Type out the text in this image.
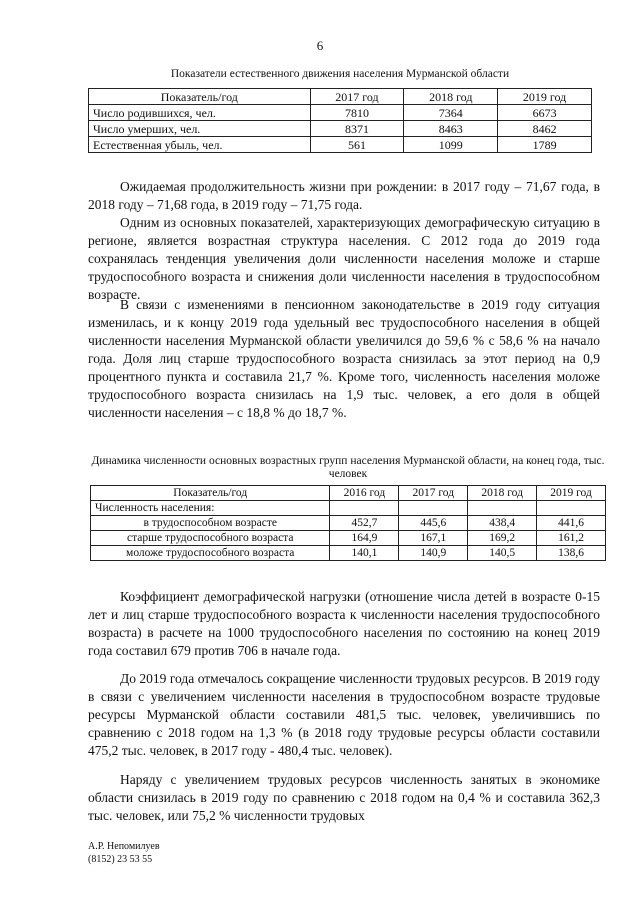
6
Показатели естественного движения населения Мурманской области
Показатель/год	2017 год	2018 год	2019 год
Число родившихся, чел.	7810	7364	6673
Число умерших, чел.	8371	8463	8462
Естественная убыль, чел.	561	1099	1789

Ожидаемая продолжительность жизни при рождении: в 2017 году – 71,67 года, в 2018 году – 71,68 года, в 2019 году – 71,75 года.

Одним из основных показателей, характеризующих демографическую ситуацию в регионе, является возрастная структура населения. С 2012 года до 2019 года сохранялась тенденция увеличения доли численности населения моложе и старше трудоспособного возраста и снижения доли численности населения в трудоспособном возрасте.

В связи с изменениями в пенсионном законодательстве в 2019 году ситуация изменилась, и к концу 2019 года удельный вес трудоспособного населения в общей численности населения Мурманской области увеличился до 59,6 % с 58,6 % на начало года. Доля лиц старше трудоспособного возраста снизилась за этот период на 0,9 процентного пункта и составила 21,7 %. Кроме того, численность населения моложе трудоспособного возраста снизилась на 1,9 тыс. человек, а его доля в общей численности населения – с 18,8 % до 18,7 %.

Динамика численности основных возрастных групп населения Мурманской области, на конец года, тыс. человек
Показатель/год	2016 год	2017 год	2018 год	2019 год
Численность населения:				
в трудоспособном возрасте	452,7	445,6	438,4	441,6
старше трудоспособного возраста	164,9	167,1	169,2	161,2
моложе трудоспособного возраста	140,1	140,9	140,5	138,6

Коэффициент демографической нагрузки (отношение числа детей в возрасте 0-15 лет и лиц старше трудоспособного возраста к численности населения трудоспособного возраста) в расчете на 1000 трудоспособного населения по состоянию на конец 2019 года составил 679 против 706 в начале года.

До 2019 года отмечалось сокращение численности трудовых ресурсов. В 2019 году в связи с увеличением численности населения в трудоспособном возрасте трудовые ресурсы Мурманской области составили 481,5 тыс. человек, увеличившись по сравнению с 2018 годом на 1,3 % (в 2018 году трудовые ресурсы области составили 475,2 тыс. человек, в 2017 году - 480,4 тыс. человек).

Наряду с увеличением трудовых ресурсов численность занятых в экономике области снизилась в 2019 году по сравнению с 2018 годом на 0,4 % и составила 362,3 тыс. человек, или 75,2 % численности трудовых

А.Р. Непомилуев
(8152) 23 53 55
